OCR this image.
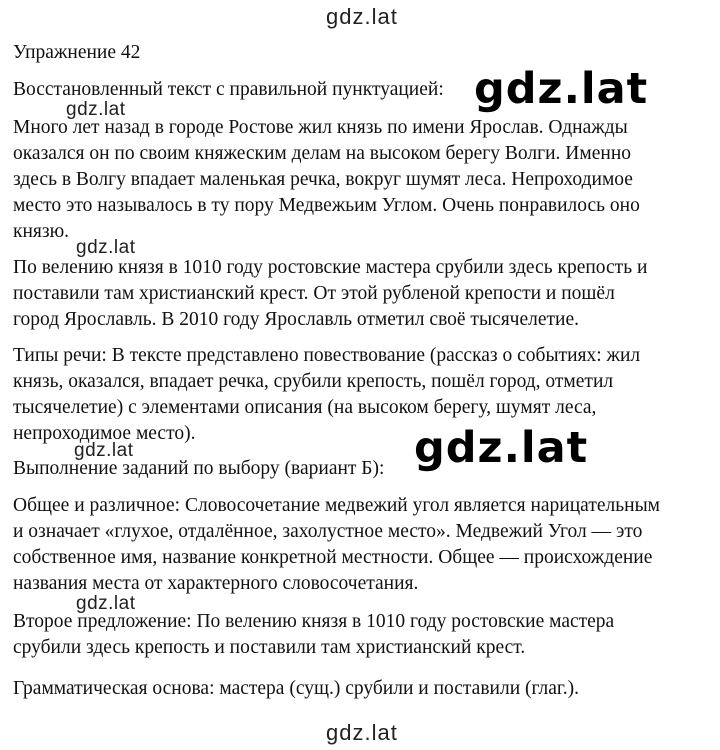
gdz.lat
Упражнение 42
Восстановленный текст с правильной пунктуацией: gdz.lat
gdz.lat
Много лет назад в городе Ростове жил князь по имени Ярослав. Однажды
оказался он по своим княжеским делам на высоком берегу Волги. Именно
здесь в Волгу впадает маленькая речка, вокруг шумят леса. Непроходимое
место это называлось в ту пору Медвежьим Углом. Очень понравилось оно
князю.
gdz.lat
По велению князя в 1010 году ростовские мастера срубили здесь крепость и
поставили там христианский крест. От этой рубленой крепости и пошёл
город Ярославль. В 2010 году Ярославль отметил своё тысячелетие.
Типы речи: В тексте представлено повествование (рассказ о событиях: жил
князь, оказался, впадает речка, срубили крепость, пошёл город, отметил
тысячелетие) с элементами описания (на высоком берегу, шумят леса,
непроходимое место).
gdz.lat	gdz.lat
Выполнение заданий по выбору (вариант Б):
Общее и различное: Словосочетание медвежий угол является нарицательным
и означает «глухое, отдалённое, захолустное место». Медвежий Угол — это
собственное имя, название конкретной местности. Общее — происхождение
названия места от характерного словосочетания.
gdz.lat
Второе предложение: По велению князя в 1010 году ростовские мастера
срубили здесь крепость и поставили там христианский крест.
Грамматическая основа: мастера (сущ.) срубили и поставили (глаг.).
gdz.lat
